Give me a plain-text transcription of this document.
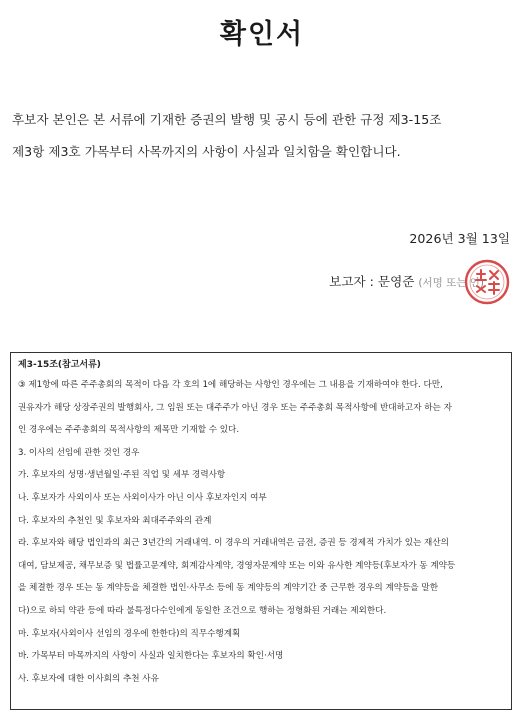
확인서
후보자 본인은 본 서류에 기재한 증권의 발행 및 공시 등에 관한 규정 제3-15조
제3항 제3호 가목부터 사목까지의 사항이 사실과 일치함을 확인합니다.
2026년 3월 13일
보고자 : 문영준 (서명 또는 인)
제3-15조(참고서류)
③ 제1항에 따른 주주총회의 목적이 다음 각 호의 1에 해당하는 사항인 경우에는 그 내용을 기재하여야 한다. 다만,
권유자가 해당 상장주권의 발행회사, 그 임원 또는 대주주가 아닌 경우 또는 주주총회 목적사항에 반대하고자 하는 자
인 경우에는 주주총회의 목적사항의 제목만 기재할 수 있다.
3. 이사의 선임에 관한 것인 경우
가. 후보자의 성명·생년월일·주된 직업 및 세부 경력사항
나. 후보자가 사외이사 또는 사외이사가 아닌 이사 후보자인지 여부
다. 후보자의 추천인 및 후보자와 최대주주와의 관계
라. 후보자와 해당 법인과의 최근 3년간의 거래내역. 이 경우의 거래내역은 금전, 증권 등 경제적 가치가 있는 재산의
대여, 담보제공, 채무보증 및 법률고문계약, 회계감사계약, 경영자문계약 또는 이와 유사한 계약등(후보자가 동 계약등
을 체결한 경우 또는 동 계약등을 체결한 법인·사무소 등에 동 계약등의 계약기간 중 근무한 경우의 계약등을 말한
다)으로 하되 약관 등에 따라 불특정다수인에게 동일한 조건으로 행하는 정형화된 거래는 제외한다.
마. 후보자(사외이사 선임의 경우에 한한다)의 직무수행계획
바. 가목부터 마목까지의 사항이 사실과 일치한다는 후보자의 확인·서명
사. 후보자에 대한 이사회의 추천 사유
